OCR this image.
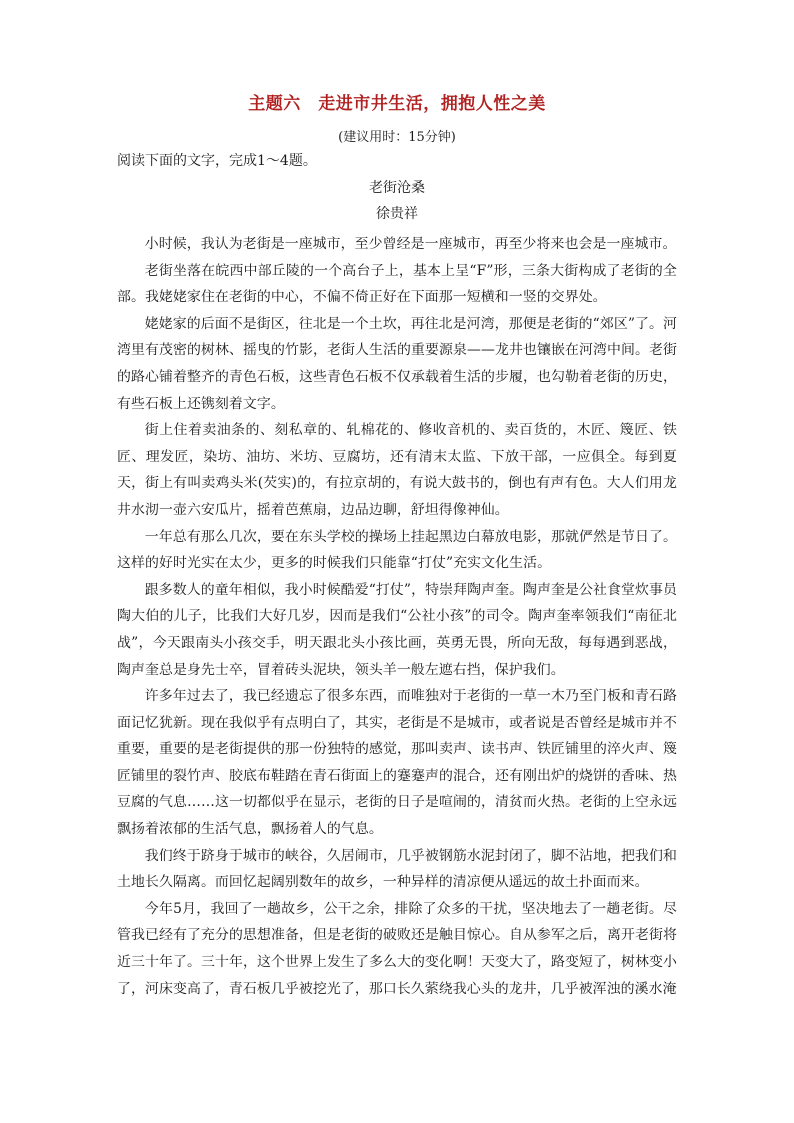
主题六　走进市井生活，拥抱人性之美
(建议用时：15分钟)
阅读下面的文字，完成1～4题。
老街沧桑
徐贵祥

小时候，我认为老街是一座城市，至少曾经是一座城市，再至少将来也会是一座城市。

老街坐落在皖西中部丘陵的一个高台子上，基本上呈“F”形，三条大街构成了老街的全部。我姥姥家住在老街的中心，不偏不倚正好在下面那一短横和一竖的交界处。

姥姥家的后面不是街区，往北是一个土坎，再往北是河湾，那便是老街的“郊区”了。河湾里有茂密的树林、摇曳的竹影，老街人生活的重要源泉——龙井也镶嵌在河湾中间。老街的路心铺着整齐的青色石板，这些青色石板不仅承载着生活的步履，也勾勒着老街的历史，有些石板上还镌刻着文字。

街上住着卖油条的、刻私章的、轧棉花的、修收音机的、卖百货的，木匠、篾匠、铁匠、理发匠，染坊、油坊、米坊、豆腐坊，还有清末太监、下放干部，一应俱全。每到夏天，街上有叫卖鸡头米(芡实)的，有拉京胡的，有说大鼓书的，倒也有声有色。大人们用龙井水沏一壶六安瓜片，摇着芭蕉扇，边品边聊，舒坦得像神仙。

一年总有那么几次，要在东头学校的操场上挂起黑边白幕放电影，那就俨然是节日了。这样的好时光实在太少，更多的时候我们只能靠“打仗”充实文化生活。

跟多数人的童年相似，我小时候酷爱“打仗”，特崇拜陶声奎。陶声奎是公社食堂炊事员陶大伯的儿子，比我们大好几岁，因而是我们“公社小孩”的司令。陶声奎率领我们“南征北战”，今天跟南头小孩交手，明天跟北头小孩比画，英勇无畏，所向无敌，每每遇到恶战，陶声奎总是身先士卒，冒着砖头泥块，领头羊一般左遮右挡，保护我们。

许多年过去了，我已经遗忘了很多东西，而唯独对于老街的一草一木乃至门板和青石路面记忆犹新。现在我似乎有点明白了，其实，老街是不是城市，或者说是否曾经是城市并不重要，重要的是老街提供的那一份独特的感觉，那叫卖声、读书声、铁匠铺里的淬火声、篾匠铺里的裂竹声、胶底布鞋踏在青石街面上的蹇蹇声的混合，还有刚出炉的烧饼的香味、热豆腐的气息……这一切都似乎在显示，老街的日子是喧闹的，清贫而火热。老街的上空永远飘扬着浓郁的生活气息，飘扬着人的气息。

我们终于跻身于城市的峡谷，久居闹市，几乎被钢筋水泥封闭了，脚不沾地，把我们和土地长久隔离。而回忆起阔别数年的故乡，一种异样的清凉便从遥远的故土扑面而来。

今年5月，我回了一趟故乡，公干之余，排除了众多的干扰，坚决地去了一趟老街。尽管我已经有了充分的思想准备，但是老街的破败还是触目惊心。自从参军之后，离开老街将近三十年了。三十年，这个世界上发生了多么大的变化啊！天变大了，路变短了，树林变小了，河床变高了，青石板几乎被挖光了，那口长久萦绕我心头的龙井，几乎被浑浊的溪水淹
